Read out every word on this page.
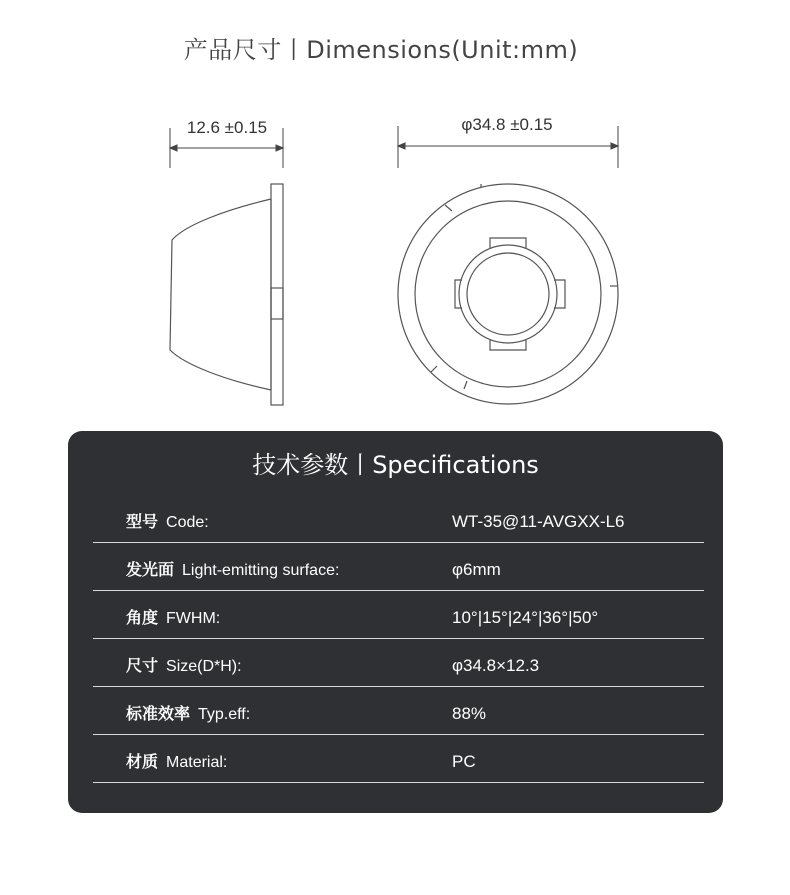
产品尺寸丨Dimensions(Unit:mm)
12.6 ±0.15	φ34.8 ±0.15
技术参数丨Specifications
型号 Code:	WT-35@11-AVGXX-L6
发光面 Light-emitting surface:	φ6mm
角度 FWHM:	10°|15°|24°|36°|50°
尺寸 Size(D*H):	φ34.8×12.3
标准效率 Typ.eff:	88%
材质 Material:	PC
